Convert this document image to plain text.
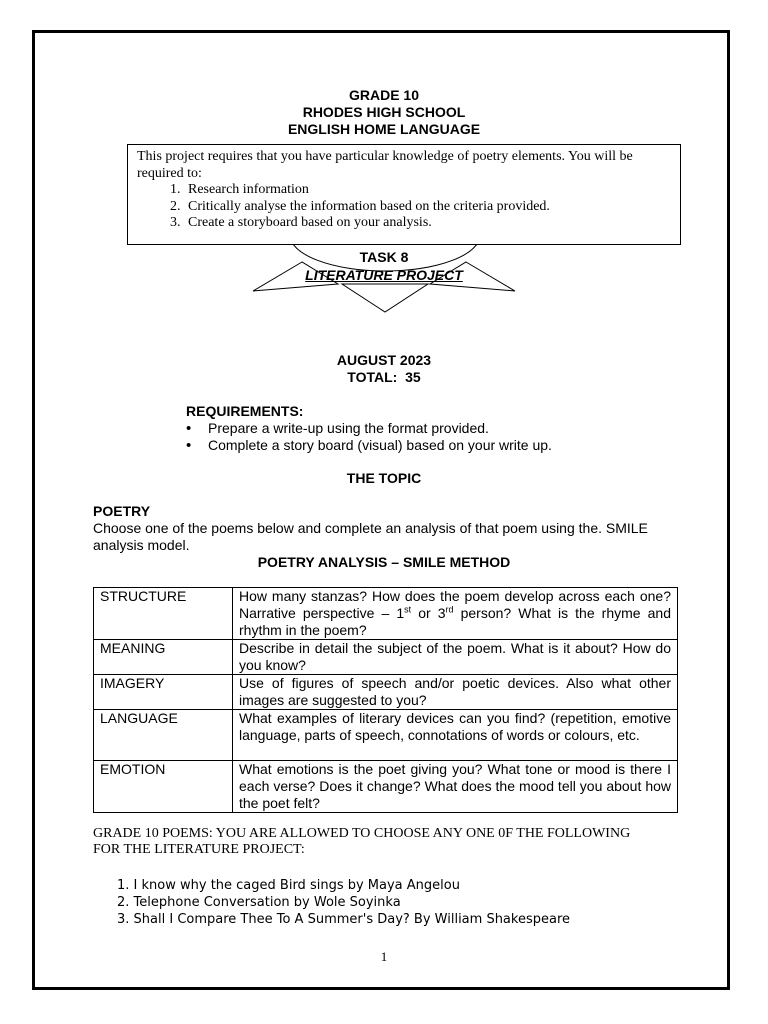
GRADE 10
RHODES HIGH SCHOOL
ENGLISH HOME LANGUAGE
This project requires that you have particular knowledge of poetry elements. You will be required to:
1. Research information
2. Critically analyse the information based on the criteria provided.
3. Create a storyboard based on your analysis.
TASK 8
LITERATURE PROJECT
AUGUST 2023
TOTAL:  35
REQUIREMENTS:
• Prepare a write-up using the format provided.
• Complete a story board (visual) based on your write up.
THE TOPIC
POETRY
Choose one of the poems below and complete an analysis of that poem using the. SMILE analysis model.
POETRY ANALYSIS – SMILE METHOD
STRUCTURE	How many stanzas? How does the poem develop across each one? Narrative perspective – 1st or 3rd person? What is the rhyme and rhythm in the poem?
MEANING	Describe in detail the subject of the poem. What is it about? How do you know?
IMAGERY	Use of figures of speech and/or poetic devices. Also what other images are suggested to you?
LANGUAGE	What examples of literary devices can you find? (repetition, emotive language, parts of speech, connotations of words or colours, etc.
EMOTION	What emotions is the poet giving you? What tone or mood is there I each verse? Does it change? What does the mood tell you about how the poet felt?
GRADE 10 POEMS: YOU ARE ALLOWED TO CHOOSE ANY ONE 0F THE FOLLOWING FOR THE LITERATURE PROJECT:
1. I know why the caged Bird sings by Maya Angelou
2. Telephone Conversation by Wole Soyinka
3. Shall I Compare Thee To A Summer's Day? By William Shakespeare
1
